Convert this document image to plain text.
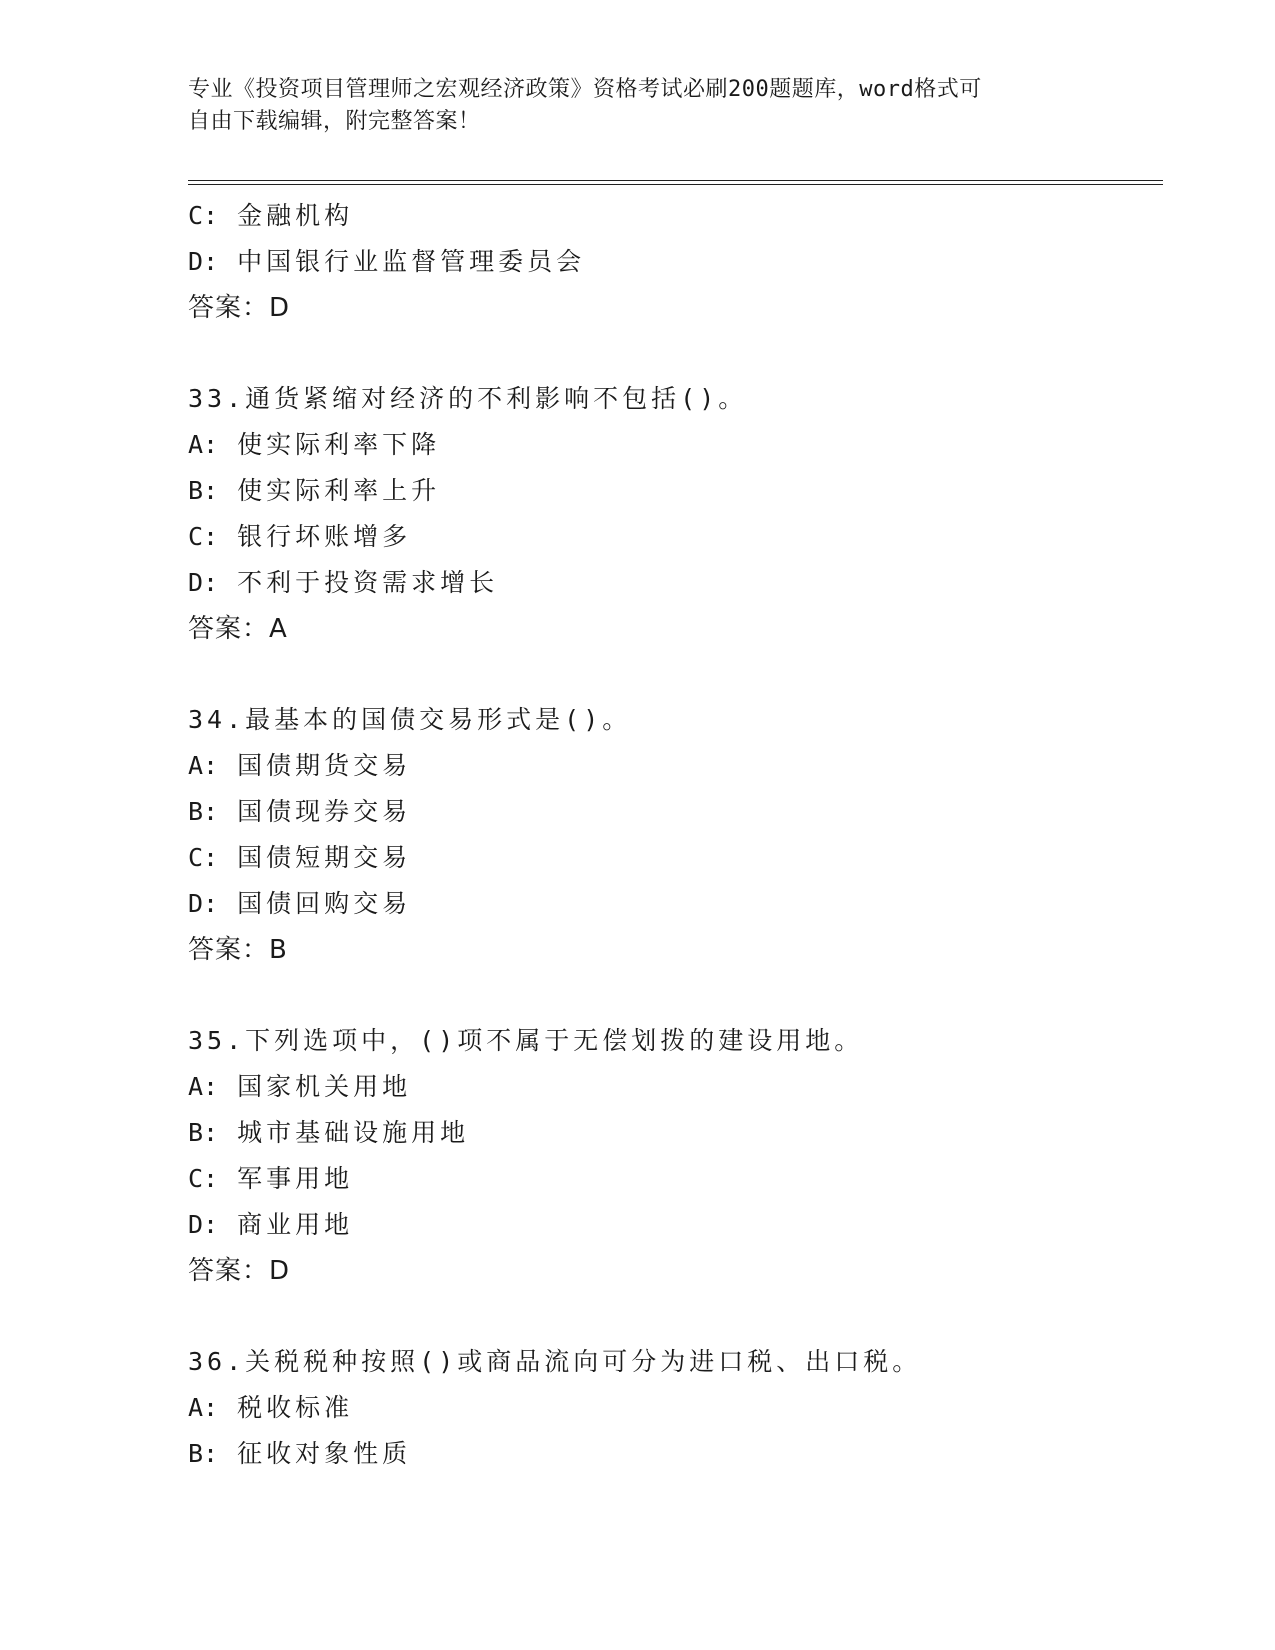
专业《投资项目管理师之宏观经济政策》资格考试必刷200题题库，word格式可
自由下载编辑，附完整答案！
C: 金融机构
D: 中国银行业监督管理委员会
答案：D
33.通货紧缩对经济的不利影响不包括()。
A: 使实际利率下降
B: 使实际利率上升
C: 银行坏账增多
D: 不利于投资需求增长
答案：A
34.最基本的国债交易形式是()。
A: 国债期货交易
B: 国债现券交易
C: 国债短期交易
D: 国债回购交易
答案：B
35.下列选项中，()项不属于无偿划拨的建设用地。
A: 国家机关用地
B: 城市基础设施用地
C: 军事用地
D: 商业用地
答案：D
36.关税税种按照()或商品流向可分为进口税、出口税。
A: 税收标准
B: 征收对象性质
